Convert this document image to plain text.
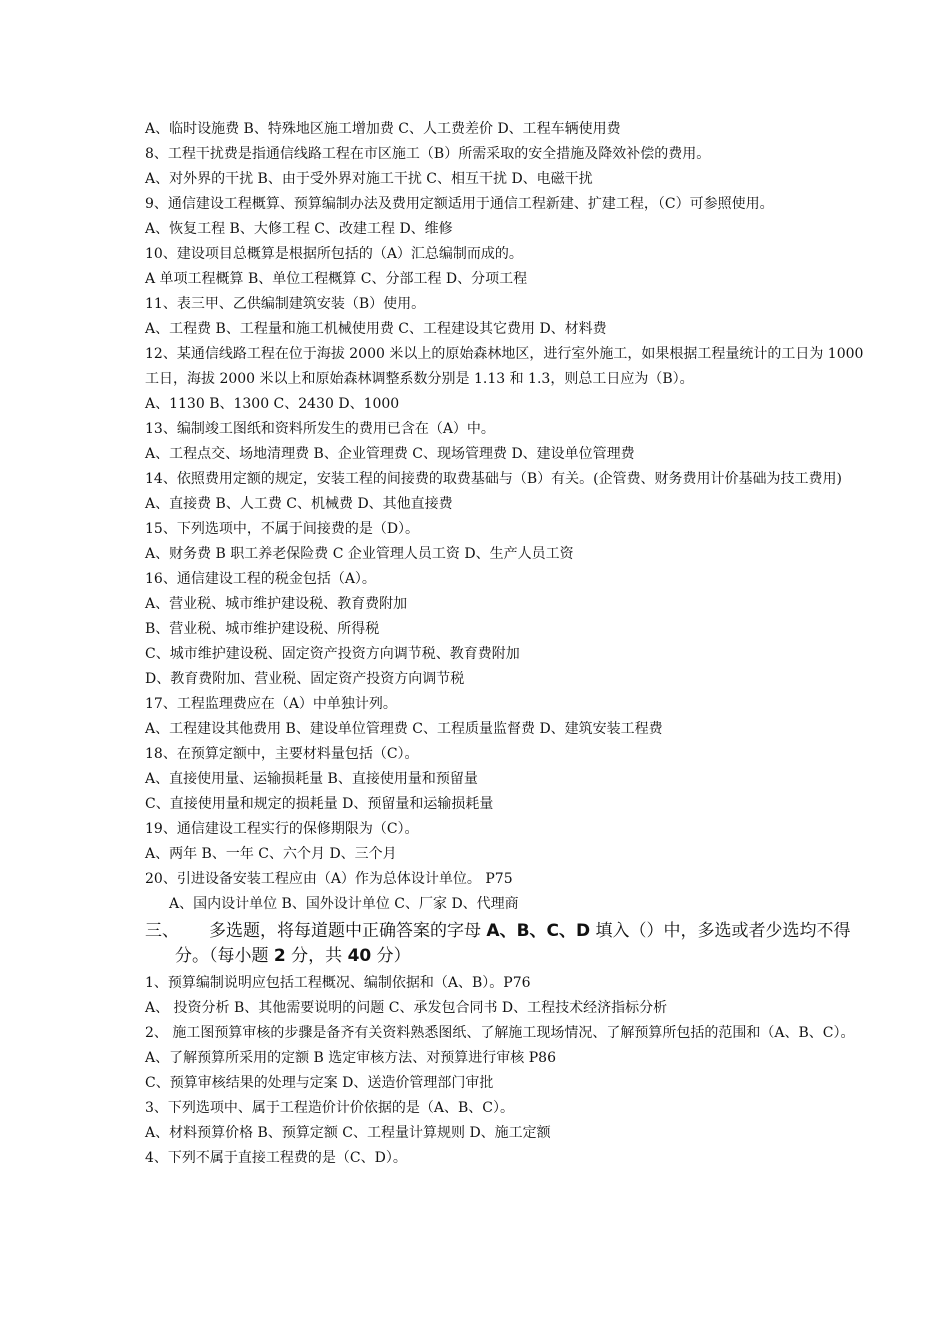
A、临时设施费 B、特殊地区施工增加费 C、人工费差价 D、工程车辆使用费
8、工程干扰费是指通信线路工程在市区施工（B）所需采取的安全措施及降效补偿的费用。
A、对外界的干扰 B、由于受外界对施工干扰 C、相互干扰 D、电磁干扰
9、通信建设工程概算、预算编制办法及费用定额适用于通信工程新建、扩建工程，（C）可参照使用。
A、恢复工程 B、大修工程 C、改建工程 D、维修
10、建设项目总概算是根据所包括的（A）汇总编制而成的。
A 单项工程概算 B、单位工程概算 C、分部工程 D、分项工程
11、表三甲、乙供编制建筑安装（B）使用。
A、工程费 B、工程量和施工机械使用费 C、工程建设其它费用 D、材料费
12、某通信线路工程在位于海拔 2000 米以上的原始森林地区，进行室外施工，如果根据工程量统计的工日为 1000 工日，海拔 2000 米以上和原始森林调整系数分别是 1.13 和 1.3，则总工日应为（B）。
A、1130 B、1300 C、2430 D、1000
13、编制竣工图纸和资料所发生的费用已含在（A）中。
A、工程点交、场地清理费 B、企业管理费 C、现场管理费 D、建设单位管理费
14、依照费用定额的规定，安装工程的间接费的取费基础与（B）有关。(企管费、财务费用计价基础为技工费用)
A、直接费 B、人工费 C、机械费 D、其他直接费
15、下列选项中，不属于间接费的是（D）。
A、财务费 B 职工养老保险费 C 企业管理人员工资 D、生产人员工资
16、通信建设工程的税金包括（A）。
A、营业税、城市维护建设税、教育费附加
B、营业税、城市维护建设税、所得税
C、城市维护建设税、固定资产投资方向调节税、教育费附加
D、教育费附加、营业税、固定资产投资方向调节税
17、工程监理费应在（A）中单独计列。
A、工程建设其他费用 B、建设单位管理费 C、工程质量监督费 D、建筑安装工程费
18、在预算定额中，主要材料量包括（C）。
A、直接使用量、运输损耗量 B、直接使用量和预留量
C、直接使用量和规定的损耗量 D、预留量和运输损耗量
19、通信建设工程实行的保修期限为（C）。
A、两年 B、一年 C、六个月 D、三个月
20、引进设备安装工程应由（A）作为总体设计单位。 P75
A、国内设计单位 B、国外设计单位 C、厂家 D、代理商
三、 多选题，将每道题中正确答案的字母 A、B、C、D 填入（）中，多选或者少选均不得分。（每小题 2 分，共 40 分）
1、预算编制说明应包括工程概况、编制依据和（A、B）。P76
A、 投资分析 B、其他需要说明的问题 C、承发包合同书 D、工程技术经济指标分析
2、 施工图预算审核的步骤是备齐有关资料熟悉图纸、了解施工现场情况、了解预算所包括的范围和（A、B、C）。
A、了解预算所采用的定额 B 选定审核方法、对预算进行审核 P86
C、预算审核结果的处理与定案 D、送造价管理部门审批
3、下列选项中、属于工程造价计价依据的是（A、B、C）。
A、材料预算价格 B、预算定额 C、工程量计算规则 D、施工定额
4、下列不属于直接工程费的是（C、D）。
